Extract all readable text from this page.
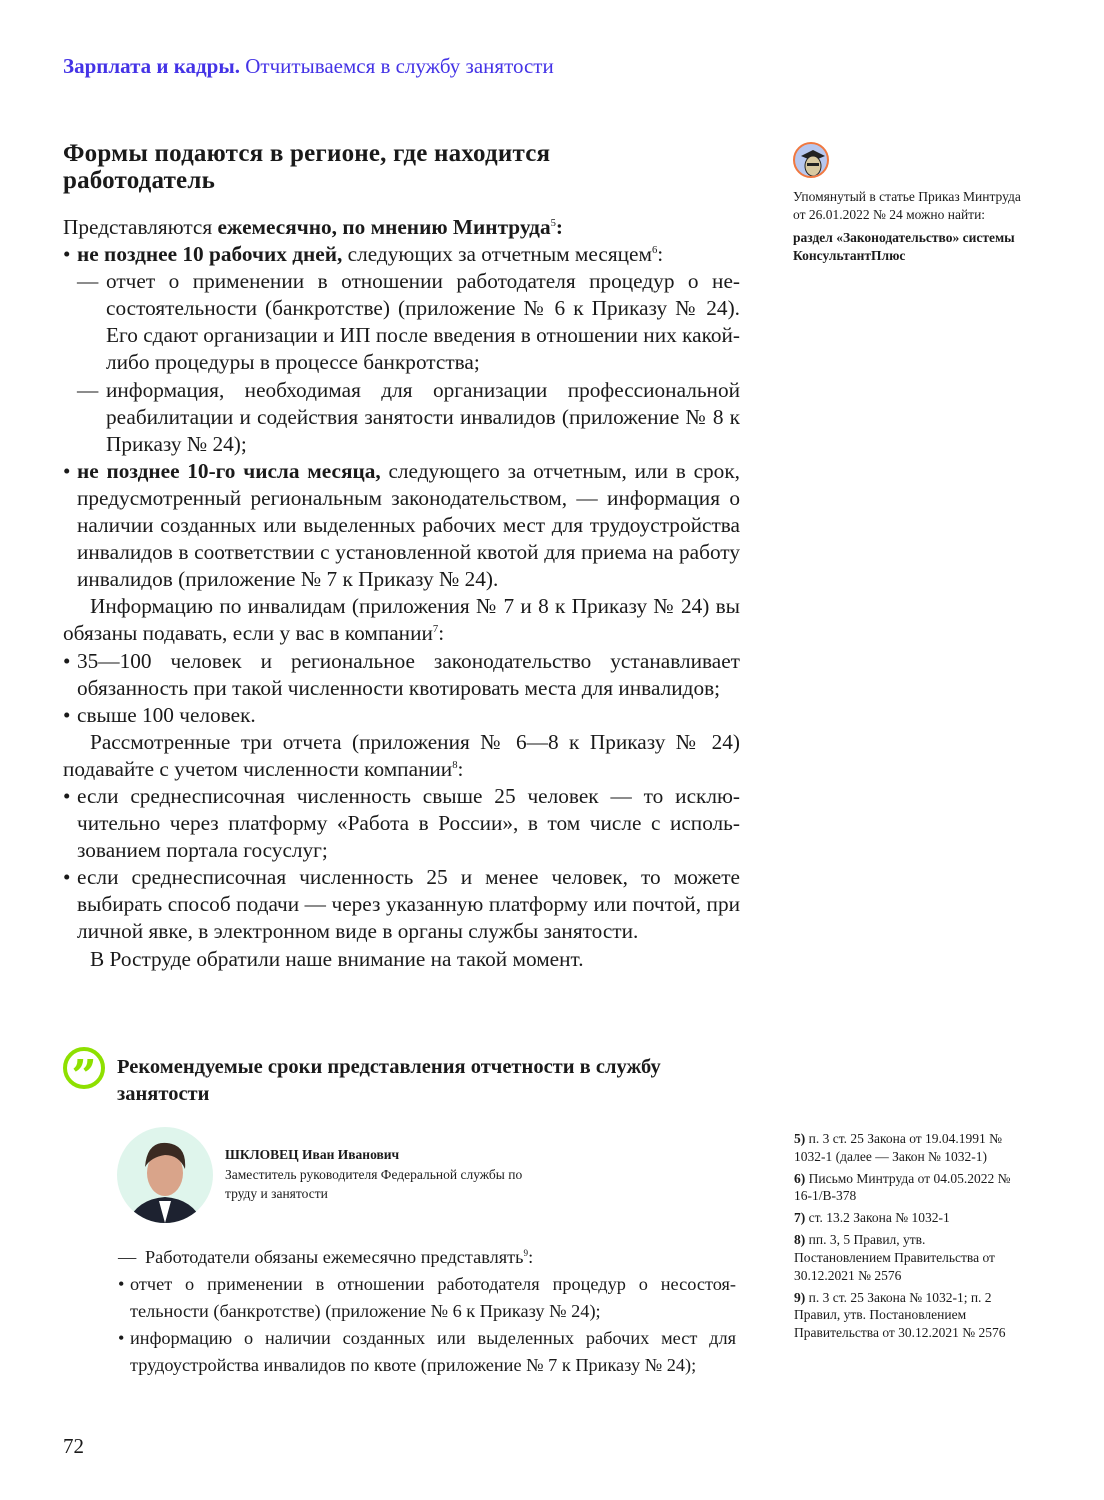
Зарплата и кадры. Отчитываемся в службу занятости
Формы подаются в регионе, где находится работодатель

Представляются ежемесячно, по мнению Минтруда$^5$:

• не позднее 10 рабочих дней, следующих за отчетным месяцем$^6$:

— отчет о применении в отношении работодателя процедур о несостоятельности (банкротстве) (приложение № 6 к Приказу № 24). Его сдают организации и ИП после введения в отношении них какой-либо процедуры в процессе банкротства;

— информация, необходимая для организации профессиональной реабилитации и содействия занятости инвалидов (приложение № 8 к Приказу № 24);

• не позднее 10-го числа месяца, следующего за отчетным, или в срок, предусмотренный региональным законодательством, — информация о наличии созданных или выделенных рабочих мест для трудоустройства инвалидов в соответствии с установленной квотой для приема на работу инвалидов (приложение № 7 к Приказу № 24).

Информацию по инвалидам (приложения № 7 и 8 к Приказу № 24) вы обязаны подавать, если у вас в компании$^7$:

• 35—100 человек и региональное законодательство устанавливает обязанность при такой численности квотировать места для инвалидов;

• свыше 100 человек.

Рассмотренные три отчета (приложения № 6—8 к Приказу № 24) подавайте с учетом численности компании$^8$:

• если среднесписочная численность свыше 25 человек — то исключительно через платформу «Работа в России», в том числе с использованием портала госуслуг;

• если среднесписочная численность 25 и менее человек, то можете выбирать способ подачи — через указанную платформу или почтой, при личной явке, в электронном виде в органы службы занятости.

В Роструде обратили наше внимание на такой момент.

Упомянутый в статье Приказ Минтруда от 26.01.2022 № 24 можно найти:
раздел «Законодательство» системы КонсультантПлюс
” Рекомендуемые сроки представления отчетности в службу занятости
ШКЛОВЕЦ Иван Иванович
Заместитель руководителя Федеральной службы по труду и занятости

— Работодатели обязаны ежемесячно представлять$^9$:

• отчет о применении в отношении работодателя процедур о несостоятельности (банкротстве) (приложение № 6 к Приказу № 24);

• информацию о наличии созданных или выделенных рабочих мест для трудоустройства инвалидов по квоте (приложение № 7 к Приказу № 24);

5) п. 3 ст. 25 Закона от 19.04.1991 № 1032-1 (далее — Закон № 1032-1)

6) Письмо Минтруда от 04.05.2022 № 16-1/В-378

7) ст. 13.2 Закона № 1032-1

8) пп. 3, 5 Правил, утв. Постановлением Правительства от 30.12.2021 № 2576

9) п. 3 ст. 25 Закона № 1032-1; п. 2 Правил, утв. Постановлением Правительства от 30.12.2021 № 2576

72
